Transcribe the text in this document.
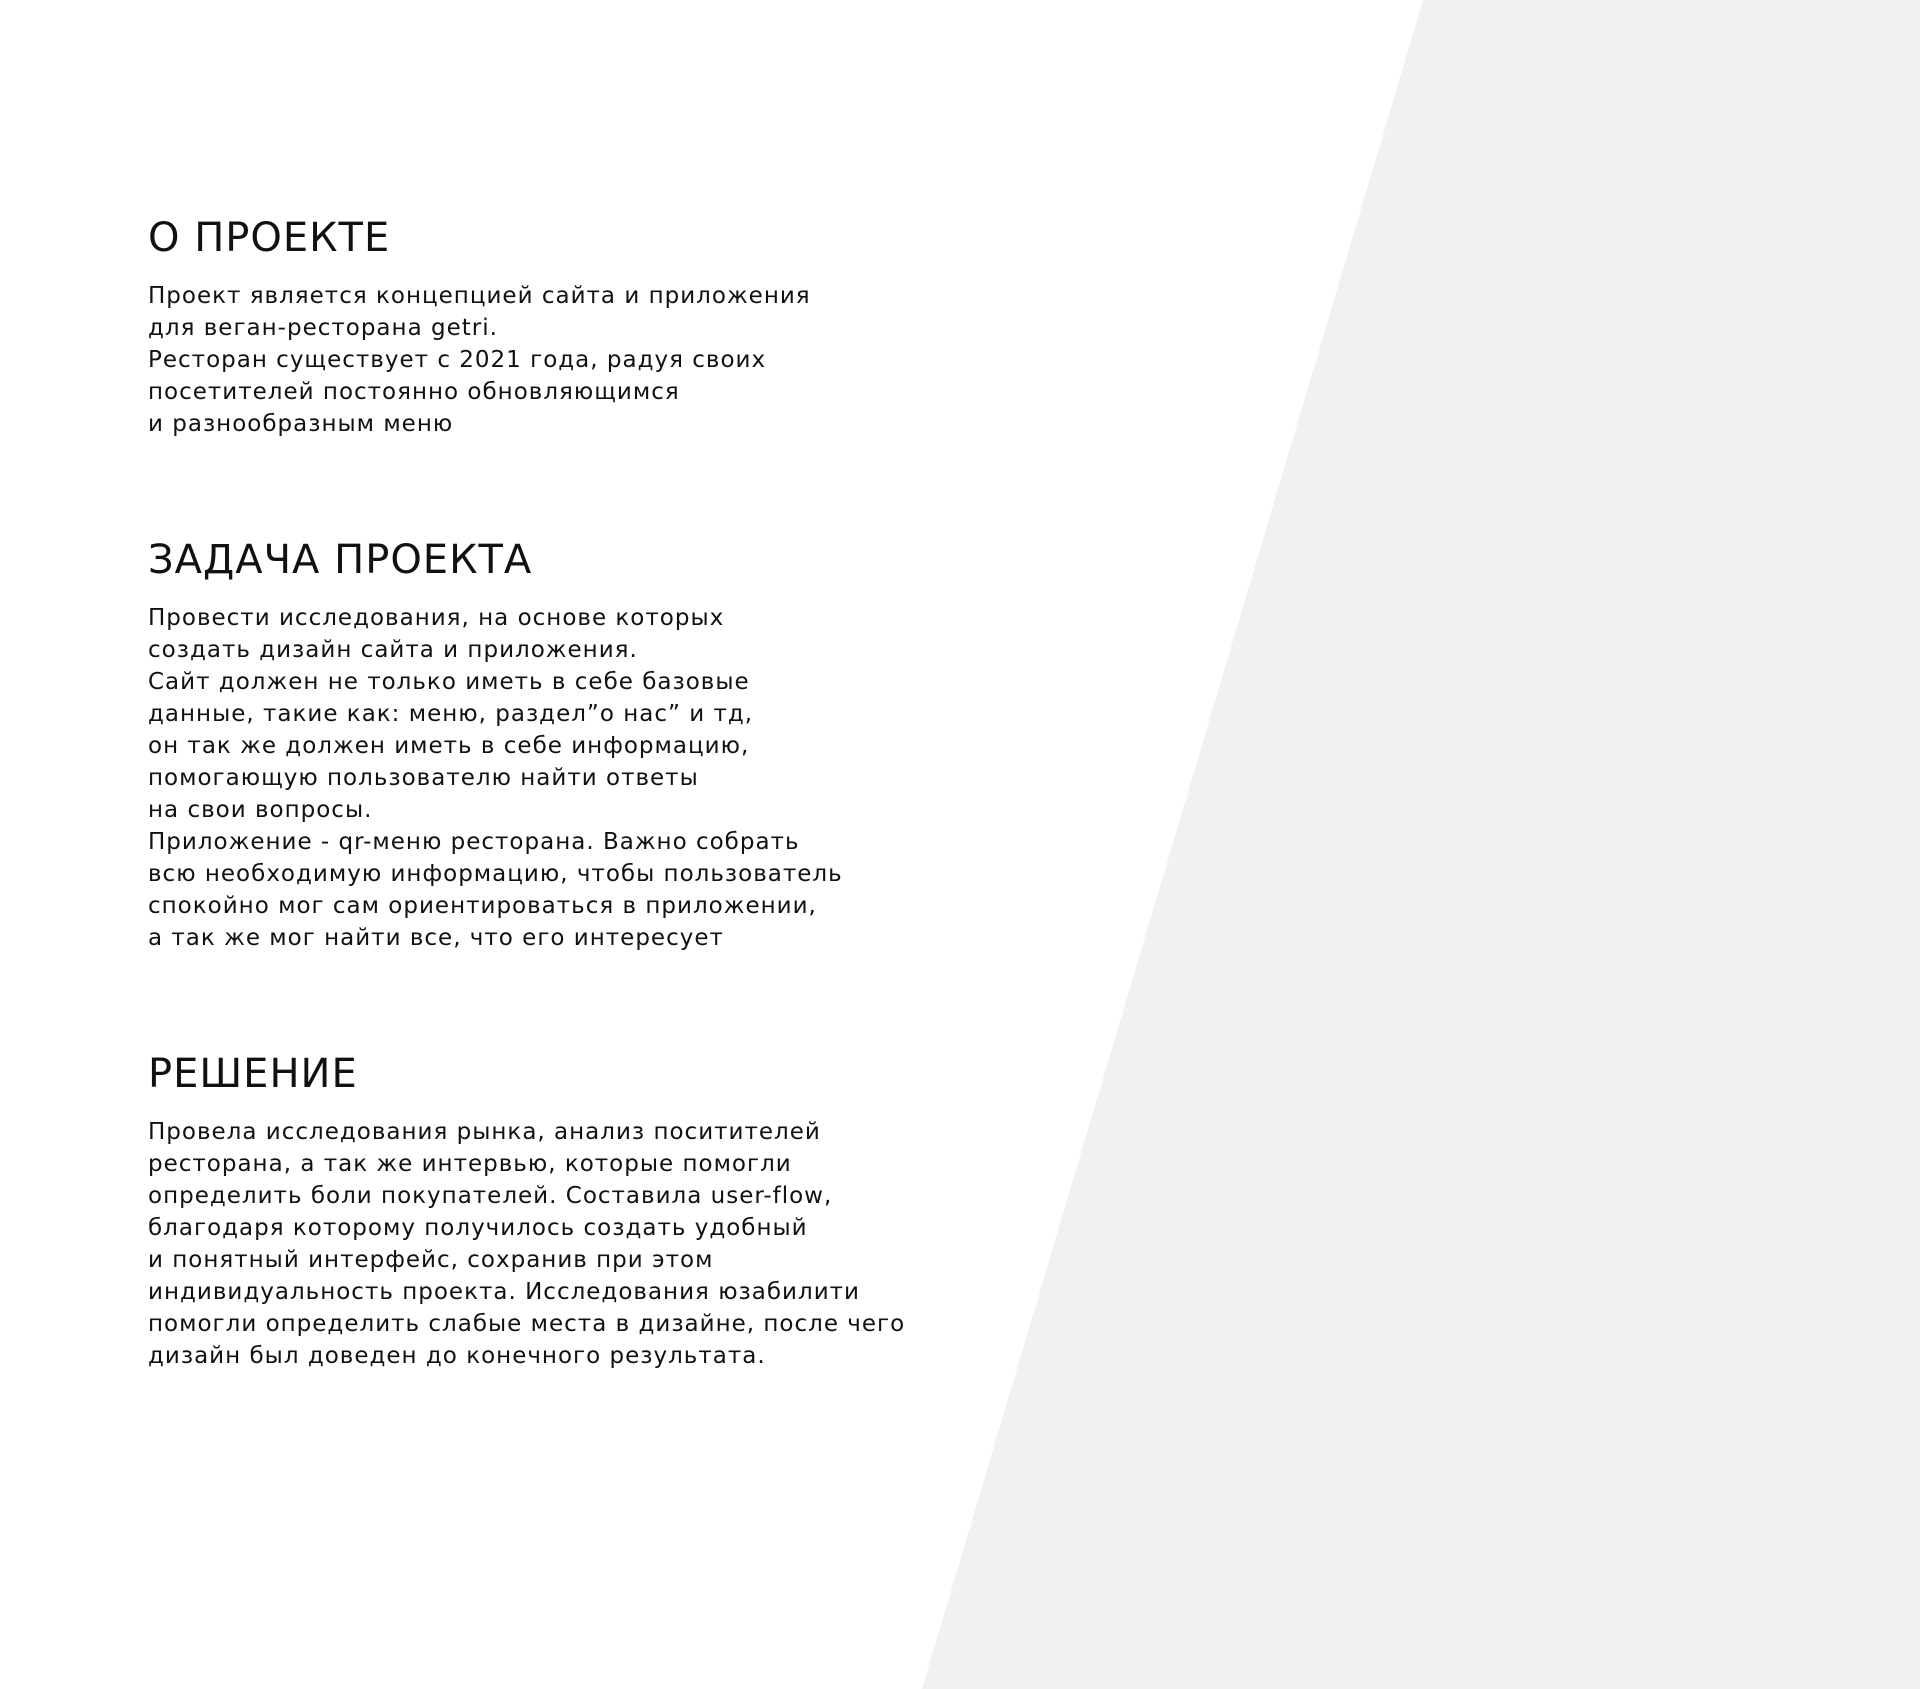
О ПРОЕКТЕ
Проект является концепцией сайта и приложения
для веган-ресторана getri.
Ресторан существует с 2021 года, радуя своих
посетителей постоянно обновляющимся
и разнообразным меню
ЗАДАЧА ПРОЕКТА
Провести исследования, на основе которых
создать дизайн сайта и приложения.
Сайт должен не только иметь в себе базовые
данные, такие как: меню, раздел”о нас” и тд,
он так же должен иметь в себе информацию,
помогающую пользователю найти ответы
на свои вопросы.
Приложение - qr-меню ресторана. Важно собрать
всю необходимую информацию, чтобы пользователь
спокойно мог сам ориентироваться в приложении,
а так же мог найти все, что его интересует
РЕШЕНИЕ
Провела исследования рынка, анализ поситителей
ресторана, а так же интервью, которые помогли
определить боли покупателей. Составила user-flow,
благодаря которому получилось создать удобный
и понятный интерфейс, сохранив при этом
индивидуальность проекта. Исследования юзабилити
помогли определить слабые места в дизайне, после чего
дизайн был доведен до конечного результата.
